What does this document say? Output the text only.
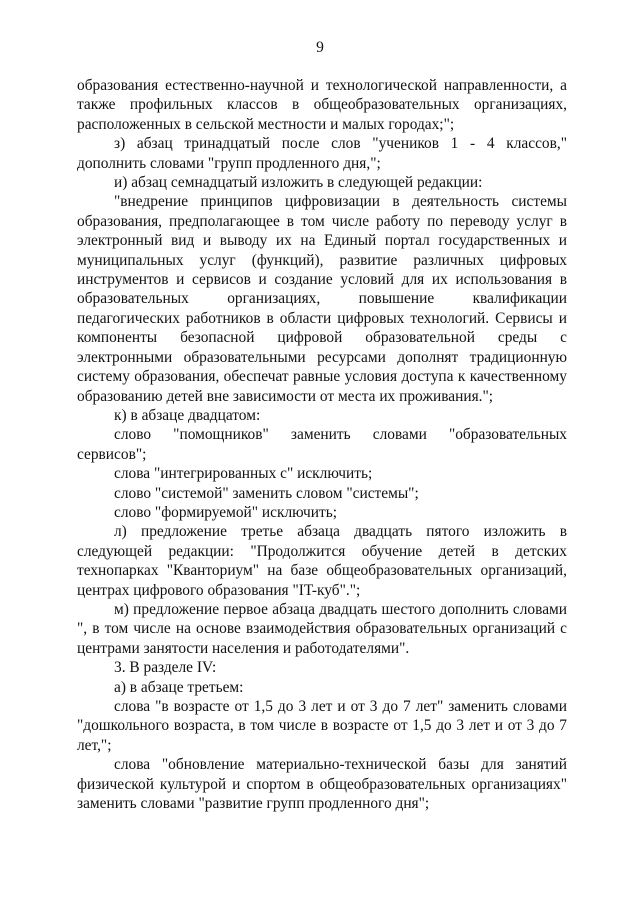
9

образования естественно-научной и технологической направленности, а также профильных классов в общеобразовательных организациях, расположенных в сельской местности и малых городах;";

з) абзац тринадцатый после слов "учеников 1 - 4 классов," дополнить словами "групп продленного дня,";

и) абзац семнадцатый изложить в следующей редакции:

"внедрение принципов цифровизации в деятельность системы образования, предполагающее в том числе работу по переводу услуг в электронный вид и выводу их на Единый портал государственных и муниципальных услуг (функций), развитие различных цифровых инструментов и сервисов и создание условий для их использования в образовательных организациях, повышение квалификации педагогических работников в области цифровых технологий. Сервисы и компоненты безопасной цифровой образовательной среды с электронными образовательными ресурсами дополнят традиционную систему образования, обеспечат равные условия доступа к качественному образованию детей вне зависимости от места их проживания.";

к) в абзаце двадцатом:

слово "помощников" заменить словами "образовательных сервисов";

слова "интегрированных с" исключить;

слово "системой" заменить словом "системы";

слово "формируемой" исключить;

л) предложение третье абзаца двадцать пятого изложить в следующей редакции: "Продолжится обучение детей в детских технопарках "Кванториум" на базе общеобразовательных организаций, центрах цифрового образования "IT-куб".";

м) предложение первое абзаца двадцать шестого дополнить словами ", в том числе на основе взаимодействия образовательных организаций с центрами занятости населения и работодателями".

3. В разделе IV:

а) в абзаце третьем:

слова "в возрасте от 1,5 до 3 лет и от 3 до 7 лет" заменить словами "дошкольного возраста, в том числе в возрасте от 1,5 до 3 лет и от 3 до 7 лет,";

слова "обновление материально-технической базы для занятий физической культурой и спортом в общеобразовательных организациях" заменить словами "развитие групп продленного дня";
